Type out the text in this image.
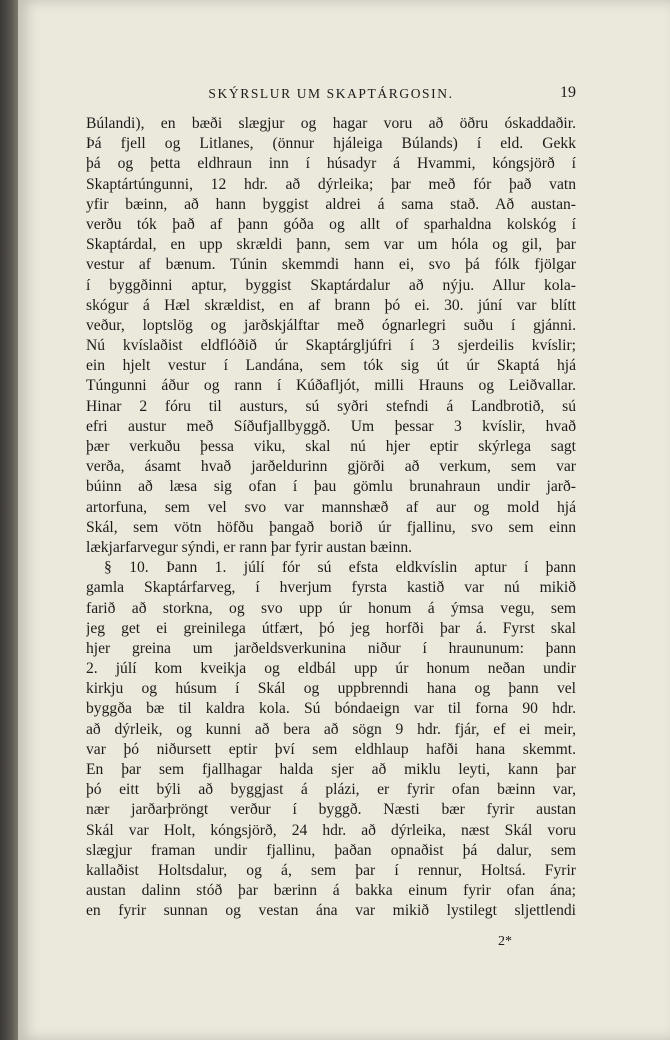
SKÝRSLUR UM SKAPTÁRGOSIN.	19
Búlandi), en bæði slægjur og hagar voru að öðru óskaddaðir.
Þá fjell og Litlanes, (önnur hjáleiga Búlands) í eld. Gekk
þá og þetta eldhraun inn í húsadyr á Hvammi, kóngsjörð í
Skaptártúngunni, 12 hdr. að dýrleika; þar með fór það vatn
yfir bæinn, að hann byggist aldrei á sama stað. Að austan-
verðu tók það af þann góða og allt of sparhaldna kolskóg í
Skaptárdal, en upp skrældi þann, sem var um hóla og gil, þar
vestur af bænum. Túnin skemmdi hann ei, svo þá fólk fjölgar
í byggðinni aptur, byggist Skaptárdalur að nýju. Allur kola-
skógur á Hæl skrældist, en af brann þó ei. 30. júní var blítt
veður, loptslög og jarðskjálftar með ógnarlegri suðu í gjánni.
Nú kvíslaðist eldflóðið úr Skaptárgljúfri í 3 sjerdeilis kvíslir;
ein hjelt vestur í Landána, sem tók sig út úr Skaptá hjá
Túngunni áður og rann í Kúðafljót, milli Hrauns og Leiðvallar.
Hinar 2 fóru til austurs, sú syðri stefndi á Landbrotið, sú
efri austur með Síðufjallbyggð. Um þessar 3 kvíslir, hvað
þær verkuðu þessa viku, skal nú hjer eptir skýrlega sagt
verða, ásamt hvað jarðeldurinn gjörði að verkum, sem var
búinn að læsa sig ofan í þau gömlu brunahraun undir jarð-
artorfuna, sem vel svo var mannshæð af aur og mold hjá
Skál, sem vötn höfðu þangað borið úr fjallinu, svo sem einn
lækjarfarvegur sýndi, er rann þar fyrir austan bæinn.
§ 10. Þann 1. júlí fór sú efsta eldkvíslin aptur í þann
gamla Skaptárfarveg, í hverjum fyrsta kastið var nú mikið
farið að storkna, og svo upp úr honum á ýmsa vegu, sem
jeg get ei greinilega útfært, þó jeg horfði þar á. Fyrst skal
hjer greina um jarðeldsverkunina niður í hraununum: þann
2. júlí kom kveikja og eldbál upp úr honum neðan undir
kirkju og húsum í Skál og uppbrenndi hana og þann vel
byggða bæ til kaldra kola. Sú bóndaeign var til forna 90 hdr.
að dýrleik, og kunni að bera að sögn 9 hdr. fjár, ef ei meir,
var þó niðursett eptir því sem eldhlaup hafði hana skemmt.
En þar sem fjallhagar halda sjer að miklu leyti, kann þar
þó eitt býli að byggjast á plázi, er fyrir ofan bæinn var,
nær jarðarþröngt verður í byggð. Næsti bær fyrir austan
Skál var Holt, kóngsjörð, 24 hdr. að dýrleika, næst Skál voru
slægjur framan undir fjallinu, þaðan opnaðist þá dalur, sem
kallaðist Holtsdalur, og á, sem þar í rennur, Holtsá. Fyrir
austan dalinn stóð þar bærinn á bakka einum fyrir ofan ána;
en fyrir sunnan og vestan ána var mikið lystilegt sljettlendi
2*
